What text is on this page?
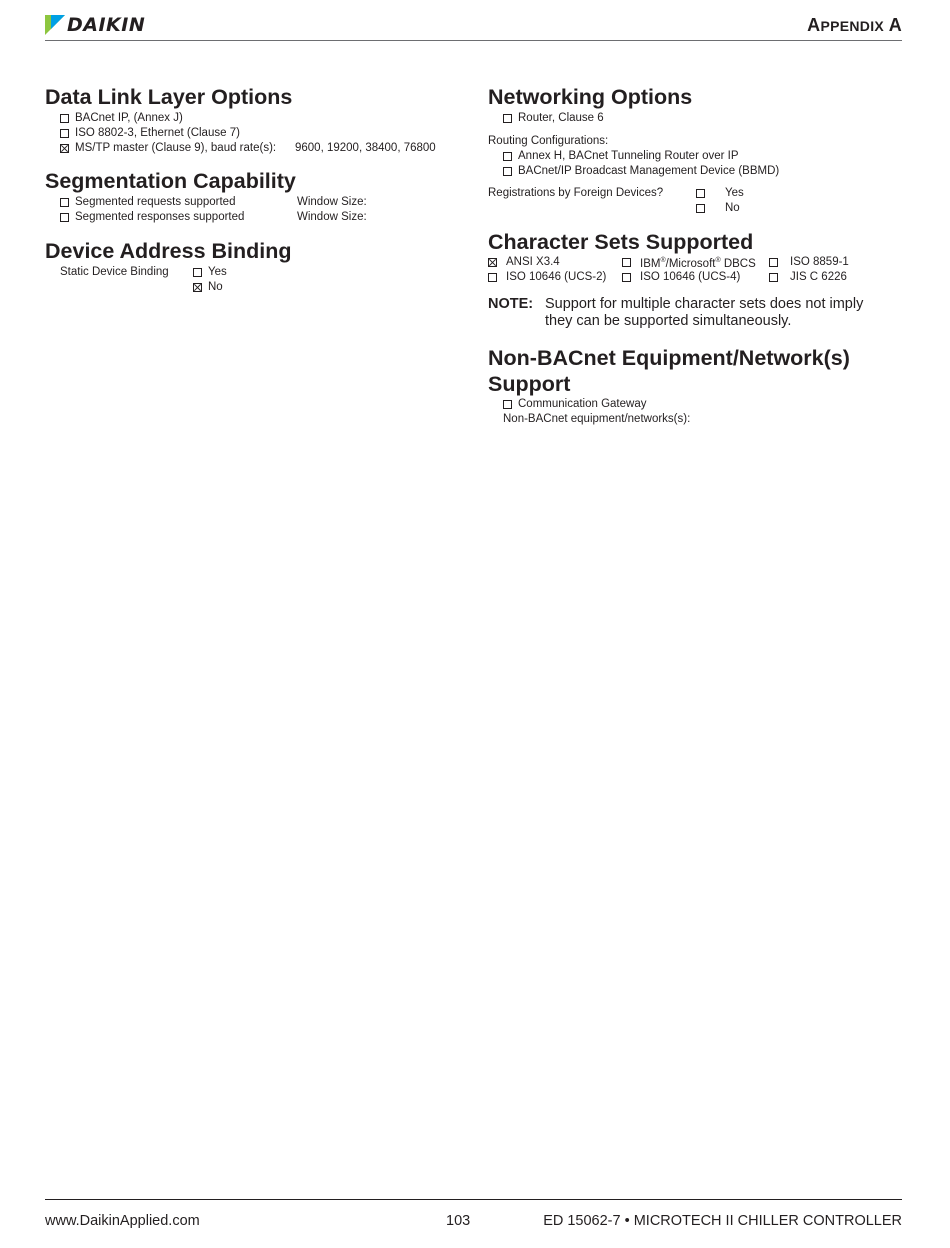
DAIKIN	APPENDIX A
Data Link Layer Options
BACnet IP, (Annex J)
ISO 8802-3, Ethernet (Clause 7)
MS/TP master (Clause 9), baud rate(s):	9600, 19200, 38400, 76800
Segmentation Capability
Segmented requests supported	Window Size:
Segmented responses supported	Window Size:
Device Address Binding
Static Device Binding	Yes
No
Networking Options
Router, Clause 6
Routing Configurations:
Annex H, BACnet Tunneling Router over IP
BACnet/IP Broadcast Management Device (BBMD)
Registrations by Foreign Devices?	Yes
No
Character Sets Supported
ANSI X3.4	IBM®/Microsoft® DBCS	ISO 8859-1
ISO 10646 (UCS-2)	ISO 10646 (UCS-4)	JIS C 6226
NOTE: Support for multiple character sets does not imply
they can be supported simultaneously.
Non-BACnet Equipment/Network(s)
Support
Communication Gateway
Non-BACnet equipment/networks(s):
www.DaikinApplied.com	103	ED 15062-7 • MICROTECH II CHILLER CONTROLLER
